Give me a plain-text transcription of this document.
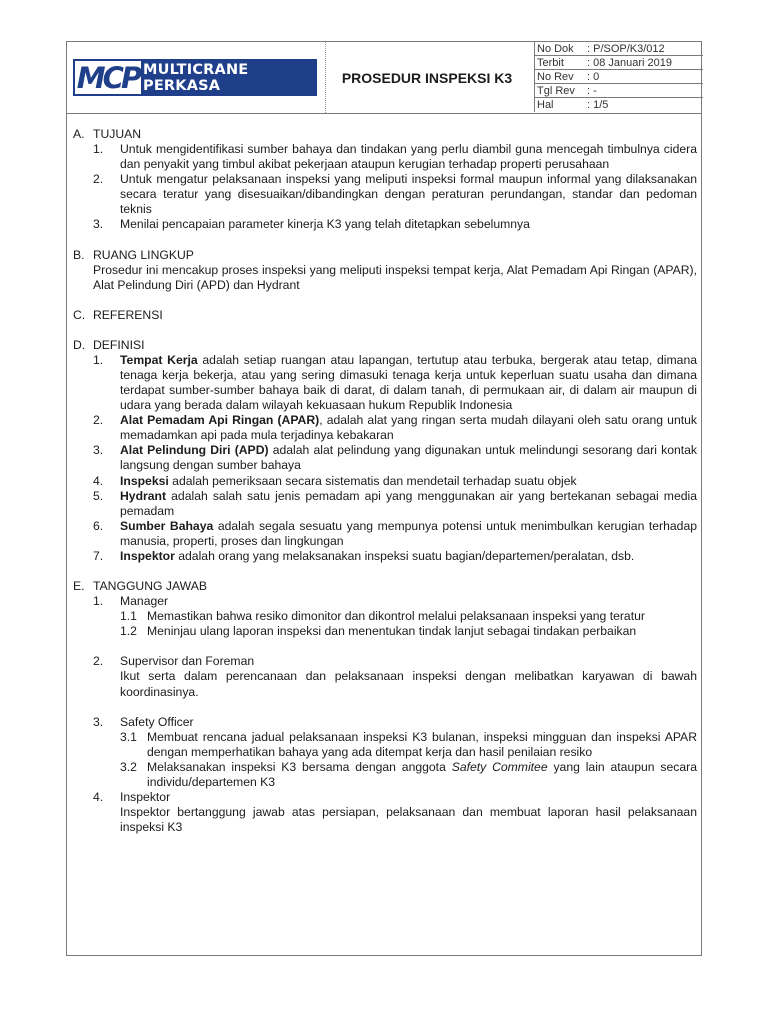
MCP MULTICRANE PERKASA	PROSEDUR INSPEKSI K3
No Dok	: P/SOP/K3/012
Terbit	: 08 Januari 2019
No Rev	: 0
Tgl Rev	: -
Hal	: 1/5
A. TUJUAN
1.	Untuk mengidentifikasi sumber bahaya dan tindakan yang perlu diambil guna mencegah timbulnya cidera dan penyakit yang timbul akibat pekerjaan ataupun kerugian terhadap properti perusahaan
2.	Untuk mengatur pelaksanaan inspeksi yang meliputi inspeksi formal maupun informal yang dilaksanakan secara teratur yang disesuaikan/dibandingkan dengan peraturan perundangan, standar dan pedoman teknis
3.	Menilai pencapaian parameter kinerja K3 yang telah ditetapkan sebelumnya
B. RUANG LINGKUP
Prosedur ini mencakup proses inspeksi yang meliputi inspeksi tempat kerja, Alat Pemadam Api Ringan (APAR), Alat Pelindung Diri (APD) dan Hydrant
C. REFERENSI
D. DEFINISI
1.	Tempat Kerja adalah setiap ruangan atau lapangan, tertutup atau terbuka, bergerak atau tetap, dimana tenaga kerja bekerja, atau yang sering dimasuki tenaga kerja untuk keperluan suatu usaha dan dimana terdapat sumber-sumber bahaya baik di darat, di dalam tanah, di permukaan air, di dalam air maupun di udara yang berada dalam wilayah kekuasaan hukum Republik Indonesia
2.	Alat Pemadam Api Ringan (APAR), adalah alat yang ringan serta mudah dilayani oleh satu orang untuk memadamkan api pada mula terjadinya kebakaran
3.	Alat Pelindung Diri (APD) adalah alat pelindung yang digunakan untuk melindungi sesorang dari kontak langsung dengan sumber bahaya
4.	Inspeksi adalah pemeriksaan secara sistematis dan mendetail terhadap suatu objek
5.	Hydrant adalah salah satu jenis pemadam api yang menggunakan air yang bertekanan sebagai media pemadam
6.	Sumber Bahaya adalah segala sesuatu yang mempunya potensi untuk menimbulkan kerugian terhadap manusia, properti, proses dan lingkungan
7.	Inspektor adalah orang yang melaksanakan inspeksi suatu bagian/departemen/peralatan, dsb.
E. TANGGUNG JAWAB
1.	Manager
1.1 Memastikan bahwa resiko dimonitor dan dikontrol melalui pelaksanaan inspeksi yang teratur
1.2 Meninjau ulang laporan inspeksi dan menentukan tindak lanjut sebagai tindakan perbaikan
2.	Supervisor dan Foreman
Ikut serta dalam perencanaan dan pelaksanaan inspeksi dengan melibatkan karyawan di bawah koordinasinya.
3.	Safety Officer
3.1 Membuat rencana jadual pelaksanaan inspeksi K3 bulanan, inspeksi mingguan dan inspeksi APAR dengan memperhatikan bahaya yang ada ditempat kerja dan hasil penilaian resiko
3.2 Melaksanakan inspeksi K3 bersama dengan anggota Safety Commitee yang lain ataupun secara individu/departemen K3
4.	Inspektor
Inspektor bertanggung jawab atas persiapan, pelaksanaan dan membuat laporan hasil pelaksanaan inspeksi K3
